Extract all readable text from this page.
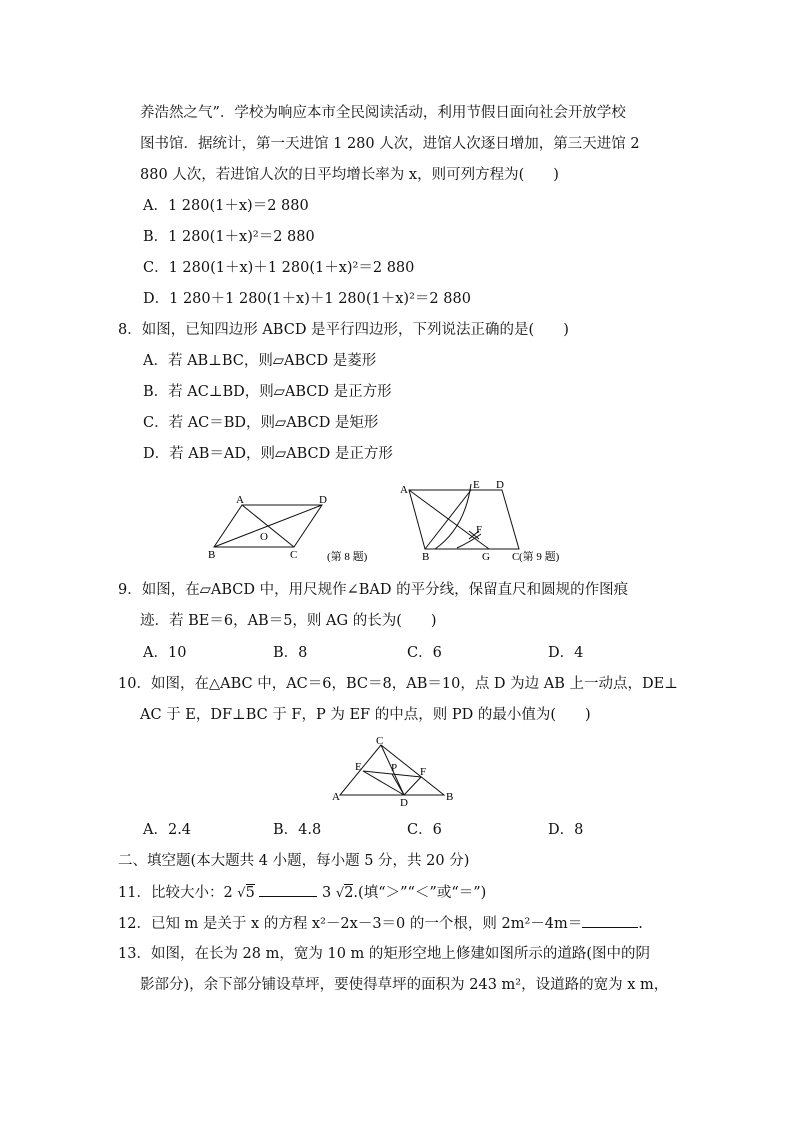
养浩然之气”．学校为响应本市全民阅读活动，利用节假日面向社会开放学校
图书馆．据统计，第一天进馆 1 280 人次，进馆人次逐日增加，第三天进馆 2
880 人次，若进馆人次的日平均增长率为 x，则可列方程为(　　)
A．1 280(1＋x)＝2 880
B．1 280(1＋x)²＝2 880
C．1 280(1＋x)＋1 280(1＋x)²＝2 880
D．1 280＋1 280(1＋x)＋1 280(1＋x)²＝2 880
8．如图，已知四边形 ABCD 是平行四边形，下列说法正确的是(　　)
A．若 AB⊥BC，则▱ABCD 是菱形
B．若 AC⊥BD，则▱ABCD 是正方形
C．若 AC＝BD，则▱ABCD 是矩形
D．若 AB＝AD，则▱ABCD 是正方形
A	D
B	C
O
(第 8 题)
A	E D
F
B	G C (第 9 题)
9．如图，在▱ABCD 中，用尺规作∠BAD 的平分线，保留直尺和圆规的作图痕
迹．若 BE＝6，AB＝5，则 AG 的长为(　　)
A．10	B．8	C．6	D．4
10．如图，在△ABC 中，AC＝6，BC＝8，AB＝10，点 D 为边 AB 上一动点，DE⊥
AC 于 E，DF⊥BC 于 F，P 为 EF 的中点，则 PD 的最小值为(　　)
C
E	P F
A	D	B
A．2.4	B．4.8	C．6	D．8
二、填空题(本大题共 4 小题，每小题 5 分，共 20 分)
11．比较大小：2 √5	3 √2.(填“＞”“＜”或“＝”)
12．已知 m 是关于 x 的方程 x²－2x－3＝0 的一个根，则 2m²－4m＝	.
13．如图，在长为 28 m，宽为 10 m 的矩形空地上修建如图所示的道路(图中的阴
影部分)，余下部分铺设草坪，要使得草坪的面积为 243 m²，设道路的宽为 x m，
